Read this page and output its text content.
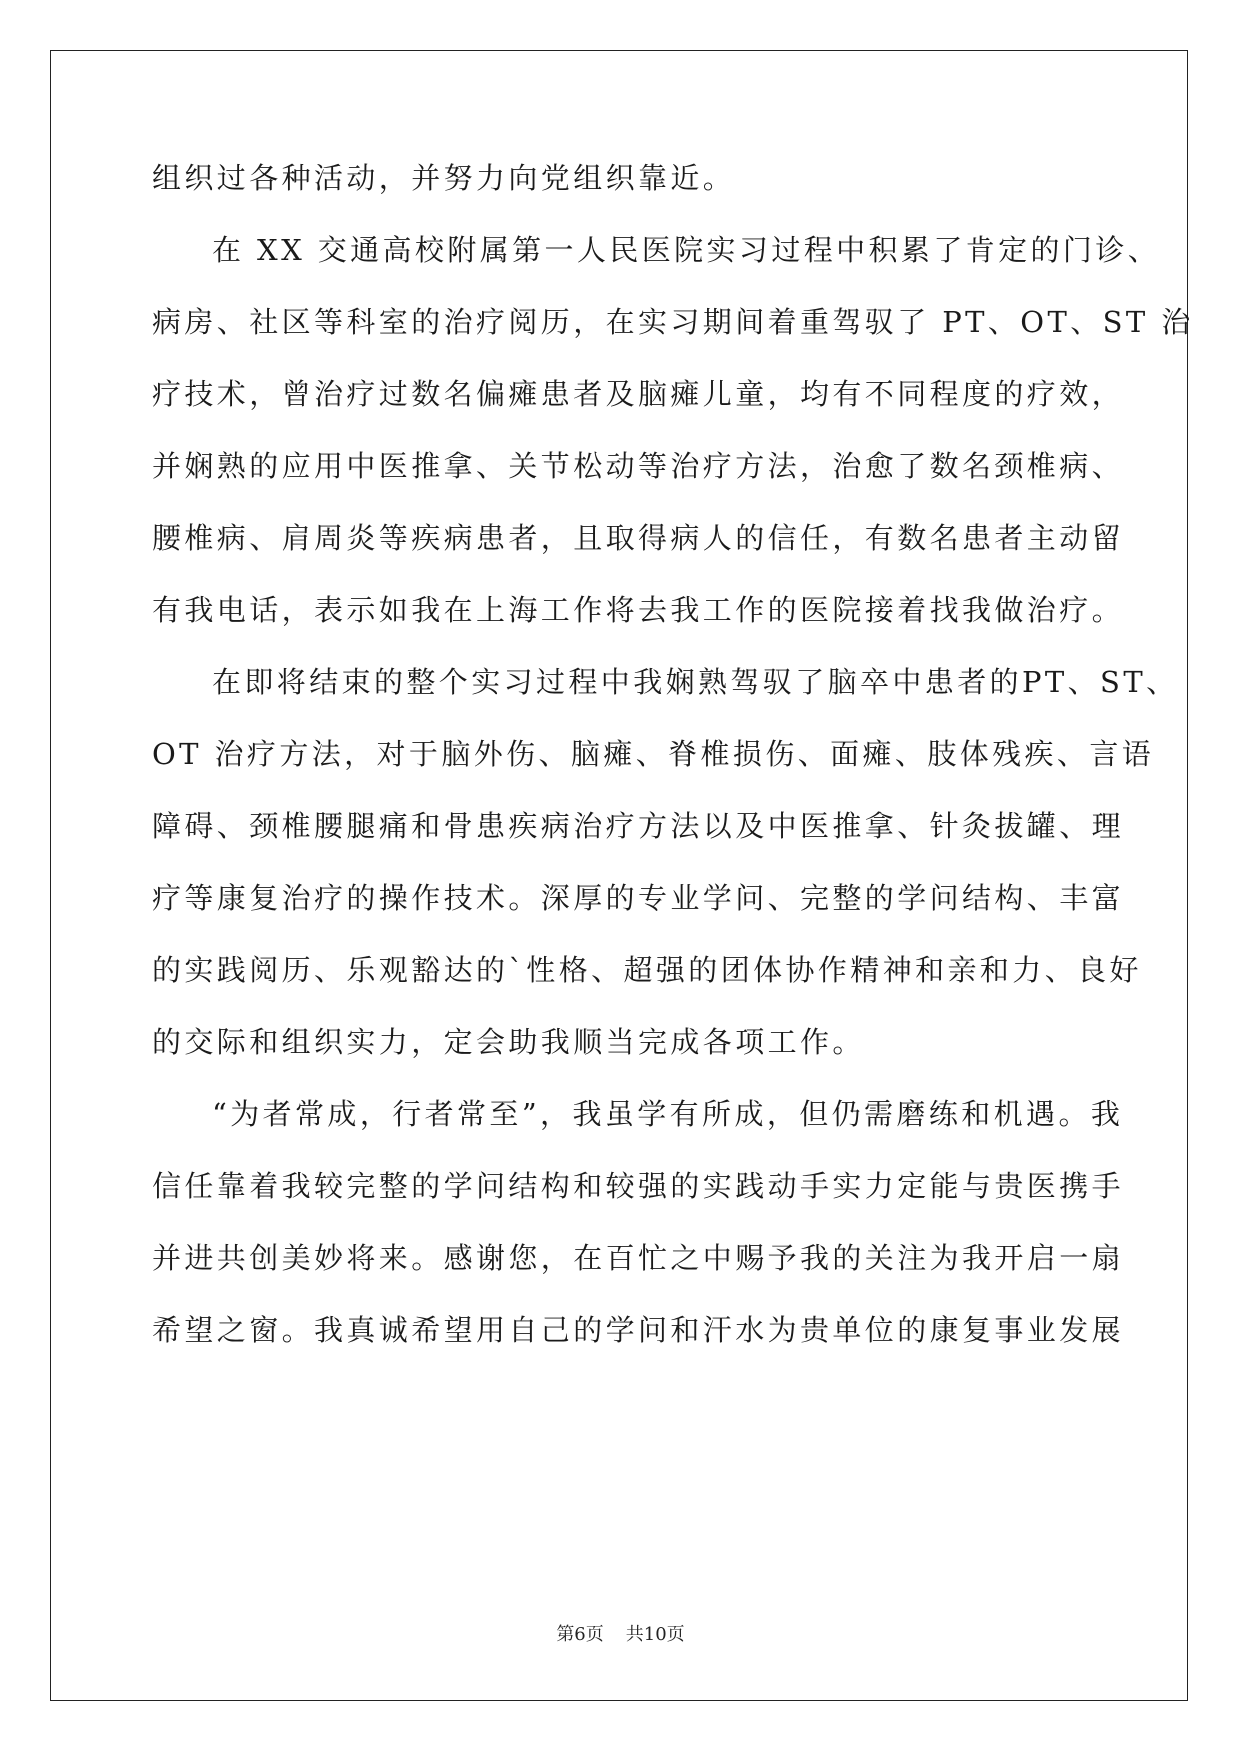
组织过各种活动，并努力向党组织靠近。
在 XX 交通高校附属第一人民医院实习过程中积累了肯定的门诊、
病房、社区等科室的治疗阅历，在实习期间着重驾驭了 PT、OT、ST 治
疗技术，曾治疗过数名偏瘫患者及脑瘫儿童，均有不同程度的疗效，
并娴熟的应用中医推拿、关节松动等治疗方法，治愈了数名颈椎病、
腰椎病、肩周炎等疾病患者，且取得病人的信任，有数名患者主动留
有我电话，表示如我在上海工作将去我工作的医院接着找我做治疗。
在即将结束的整个实习过程中我娴熟驾驭了脑卒中患者的PT、ST、
OT 治疗方法，对于脑外伤、脑瘫、脊椎损伤、面瘫、肢体残疾、言语
障碍、颈椎腰腿痛和骨患疾病治疗方法以及中医推拿、针灸拔罐、理
疗等康复治疗的操作技术。深厚的专业学问、完整的学问结构、丰富
的实践阅历、乐观豁达的`性格、超强的团体协作精神和亲和力、良好
的交际和组织实力，定会助我顺当完成各项工作。
“为者常成，行者常至”，我虽学有所成，但仍需磨练和机遇。我
信任靠着我较完整的学问结构和较强的实践动手实力定能与贵医携手
并进共创美妙将来。感谢您，在百忙之中赐予我的关注为我开启一扇
希望之窗。我真诚希望用自己的学问和汗水为贵单位的康复事业发展
第6页 共10页
